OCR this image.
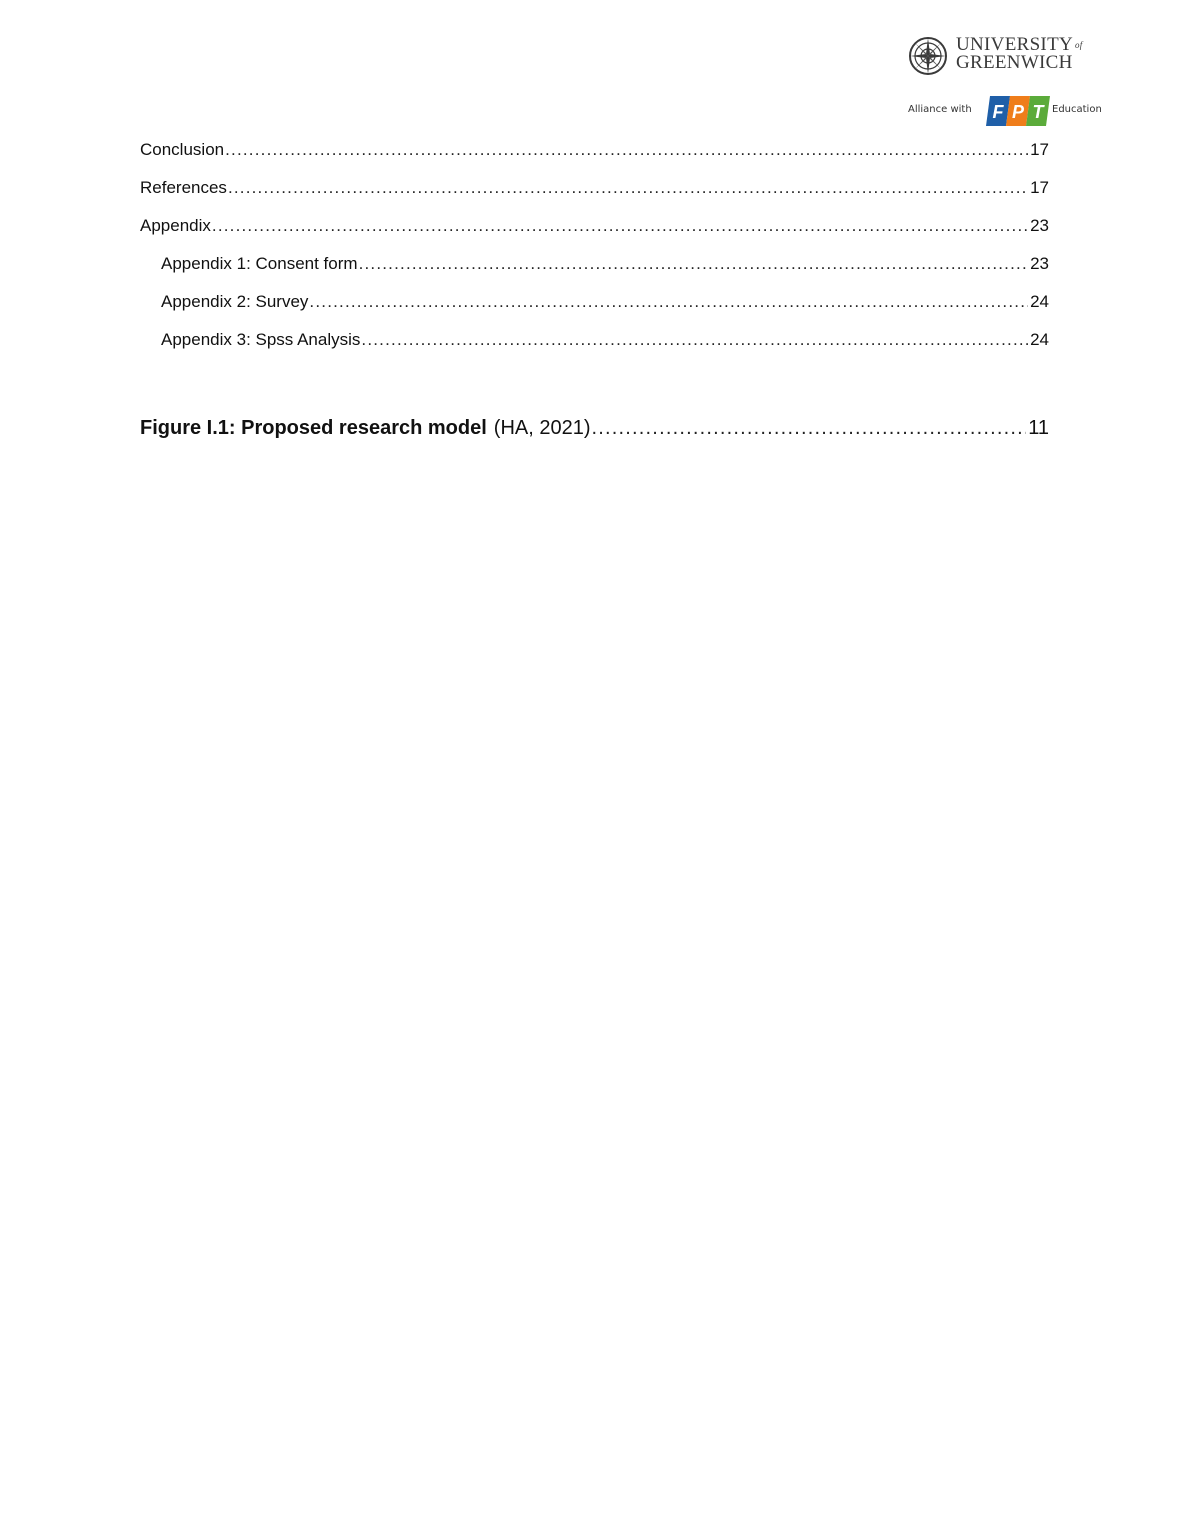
UNIVERSITY of
GREENWICH
Alliance with F P T Education
Conclusion .....	17
References .....	17
Appendix .....	23
Appendix 1: Consent form .....	23
Appendix 2: Survey .....	24
Appendix 3: Spss Analysis .....	24
Figure I.1: Proposed research model (HA, 2021) .....	11
